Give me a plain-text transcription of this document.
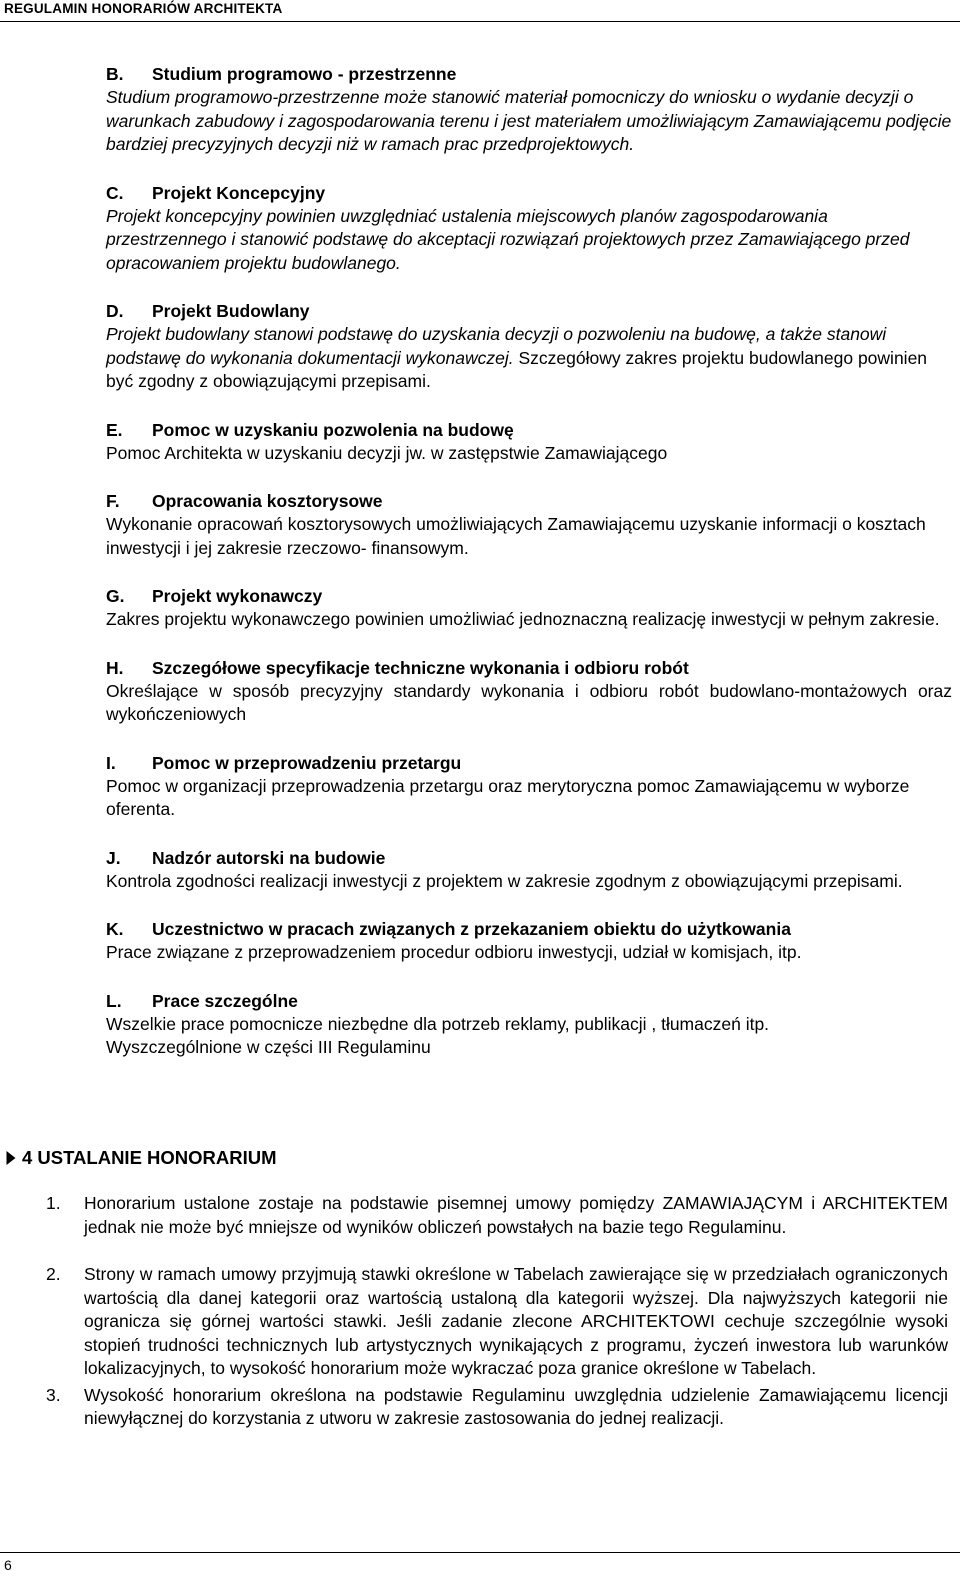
REGULAMIN HONORARIÓW ARCHITEKTA
B.	Studium programowo - przestrzenne

Studium programowo-przestrzenne może stanowić materiał pomocniczy do wniosku o wydanie decyzji o warunkach zabudowy i zagospodarowania terenu i jest materiałem umożliwiającym Zamawiającemu podjęcie bardziej precyzyjnych decyzji niż w ramach prac przedprojektowych.

C.	Projekt Koncepcyjny

Projekt koncepcyjny powinien uwzględniać ustalenia miejscowych planów zagospodarowania przestrzennego i stanowić podstawę do akceptacji rozwiązań projektowych przez Zamawiającego przed opracowaniem projektu budowlanego.

D.	Projekt Budowlany

Projekt budowlany stanowi podstawę do uzyskania decyzji o pozwoleniu na budowę, a także stanowi podstawę do wykonania dokumentacji wykonawczej. Szczegółowy zakres projektu budowlanego powinien być zgodny z obowiązującymi przepisami.

E.	Pomoc w uzyskaniu pozwolenia na budowę

Pomoc Architekta w uzyskaniu decyzji jw. w zastępstwie Zamawiającego

F.	Opracowania kosztorysowe

Wykonanie opracowań kosztorysowych umożliwiających Zamawiającemu uzyskanie informacji o kosztach inwestycji i jej zakresie rzeczowo- finansowym.

G.	Projekt wykonawczy

Zakres projektu wykonawczego powinien umożliwiać jednoznaczną realizację inwestycji w pełnym zakresie.

H.	Szczegółowe specyfikacje techniczne wykonania i odbioru robót

Określające w sposób precyzyjny standardy wykonania i odbioru robót budowlano-montażowych oraz wykończeniowych

I.	Pomoc w przeprowadzeniu przetargu

Pomoc w organizacji przeprowadzenia przetargu oraz merytoryczna pomoc Zamawiającemu w wyborze oferenta.

J.	Nadzór autorski na budowie

Kontrola zgodności realizacji inwestycji z projektem w zakresie zgodnym z obowiązującymi przepisami.

K.	Uczestnictwo w pracach związanych z przekazaniem obiektu do użytkowania

Prace związane z przeprowadzeniem procedur odbioru inwestycji, udział w komisjach, itp.

L.	Prace szczególne

Wszelkie prace pomocnicze niezbędne dla potrzeb reklamy, publikacji , tłumaczeń itp.

Wyszczególnione w części III Regulaminu

4 USTALANIE HONORARIUM
1.	Honorarium ustalone zostaje na podstawie pisemnej umowy pomiędzy ZAMAWIAJĄCYM i ARCHITEKTEM jednak nie może być mniejsze od wyników obliczeń powstałych na bazie tego Regulaminu.
2.	Strony w ramach umowy przyjmują stawki określone w Tabelach zawierające się w przedziałach ograniczonych wartością dla danej kategorii oraz wartością ustaloną dla kategorii wyższej. Dla najwyższych kategorii nie ogranicza się górnej wartości stawki. Jeśli zadanie zlecone ARCHITEKTOWI cechuje szczególnie wysoki stopień trudności technicznych lub artystycznych wynikających z programu, życzeń inwestora lub warunków lokalizacyjnych, to wysokość honorarium może wykraczać poza granice określone w Tabelach.
3.	Wysokość honorarium określona na podstawie Regulaminu uwzględnia udzielenie Zamawiającemu licencji niewyłącznej do korzystania z utworu w zakresie zastosowania do jednej realizacji.
6
